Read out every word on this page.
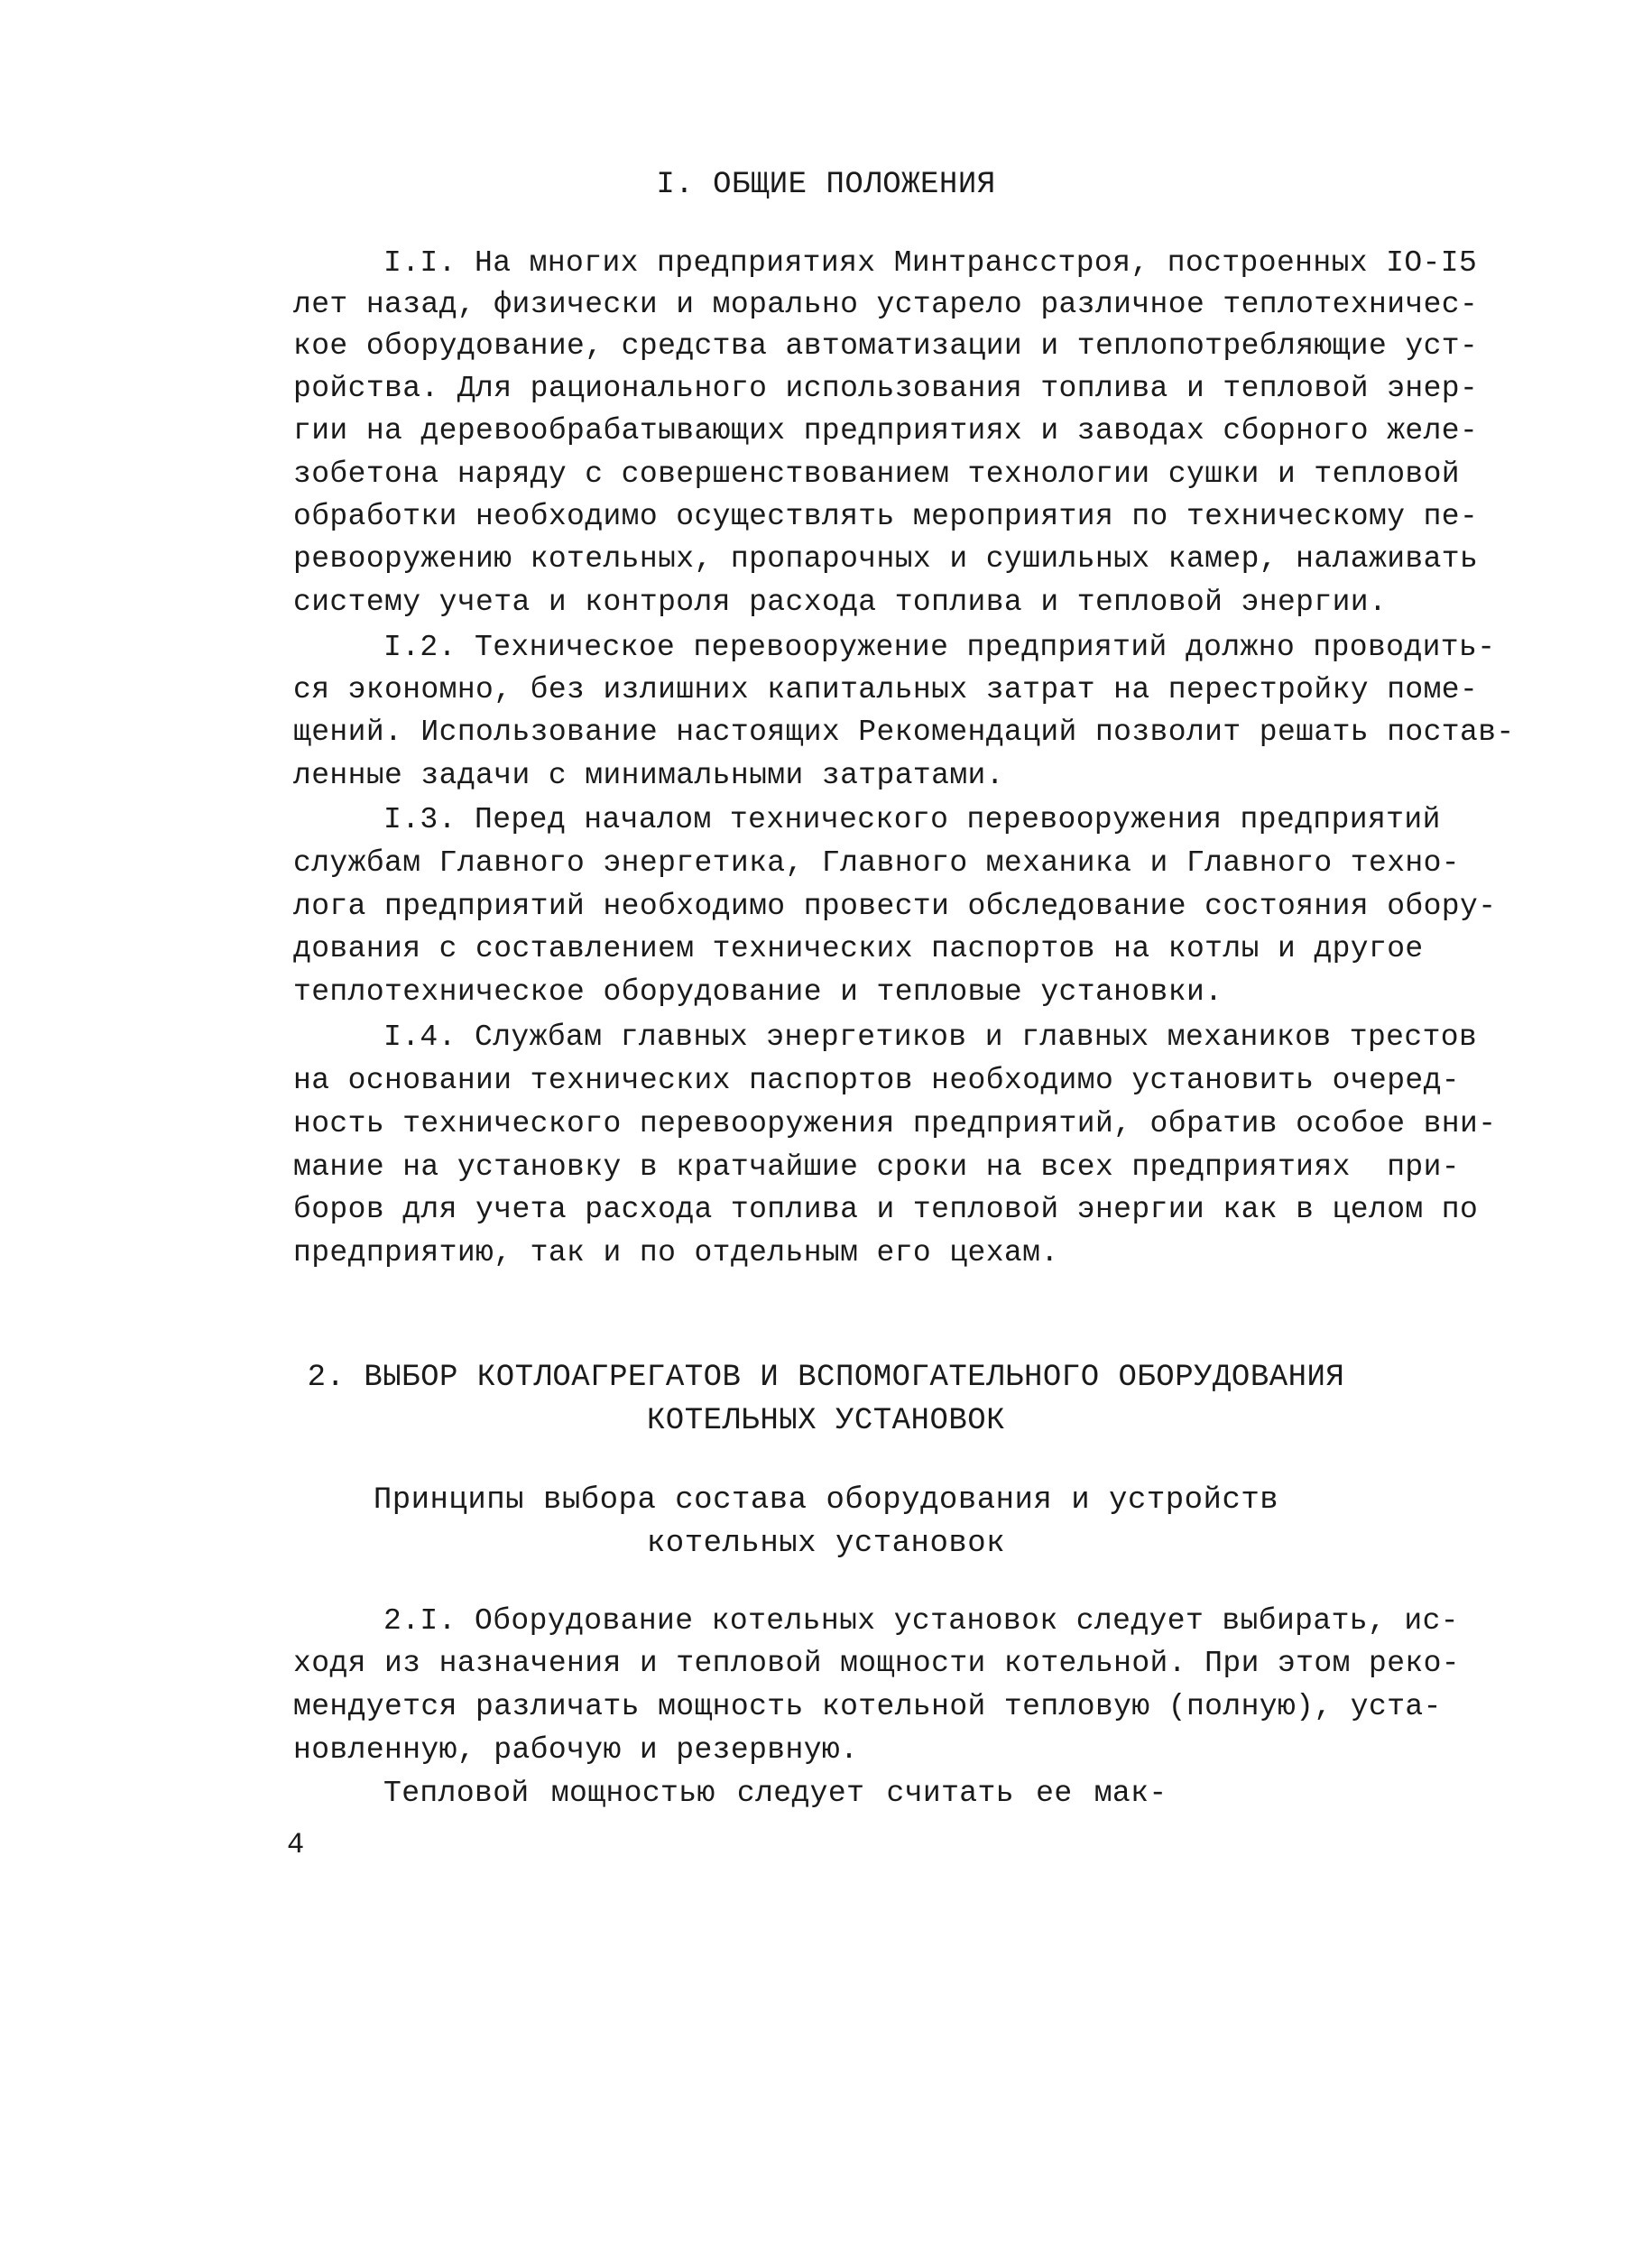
I. ОБЩИЕ ПОЛОЖЕНИЯ
I.I. На многих предприятиях Минтрансстроя, построенных IO-I5
лет назад, физически и морально устарело различное теплотехничес-
кое оборудование, средства автоматизации и теплопотребляющие уст-
ройства. Для рационального использования топлива и тепловой энер-
гии на деревообрабатывающих предприятиях и заводах сборного желе-
зобетона наряду с совершенствованием технологии сушки и тепловой
обработки необходимо осуществлять мероприятия по техническому пе-
ревооружению котельных, пропарочных и сушильных камер, налаживать
систему учета и контроля расхода топлива и тепловой энергии.
I.2. Техническое перевооружение предприятий должно проводить-
ся экономно, без излишних капитальных затрат на перестройку поме-
щений. Использование настоящих Рекомендаций позволит решать постав-
ленные задачи с минимальными затратами.
I.3. Перед началом технического перевооружения предприятий
службам Главного энергетика, Главного механика и Главного техно-
лога предприятий необходимо провести обследование состояния обору-
дования с составлением технических паспортов на котлы и другое
теплотехническое оборудование и тепловые установки.
I.4. Службам главных энергетиков и главных механиков трестов
на основании технических паспортов необходимо установить очеред-
ность технического перевооружения предприятий, обратив особое вни-
мание на установку в кратчайшие сроки на всех предприятиях  при-
боров для учета расхода топлива и тепловой энергии как в целом по
предприятию, так и по отдельным его цехам.
2. ВЫБОР КОТЛОАГРЕГАТОВ И ВСПОМОГАТЕЛЬНОГО ОБОРУДОВАНИЯ
КОТЕЛЬНЫХ УСТАНОВОК
Принципы выбора состава оборудования и устройств
котельных установок
2.I. Оборудование котельных установок следует выбирать, ис-
ходя из назначения и тепловой мощности котельной. При этом реко-
мендуется различать мощность котельной тепловую (полную), уста-
новленную, рабочую и резервную.
Тепловой мощностью следует считать ее мак-
4
